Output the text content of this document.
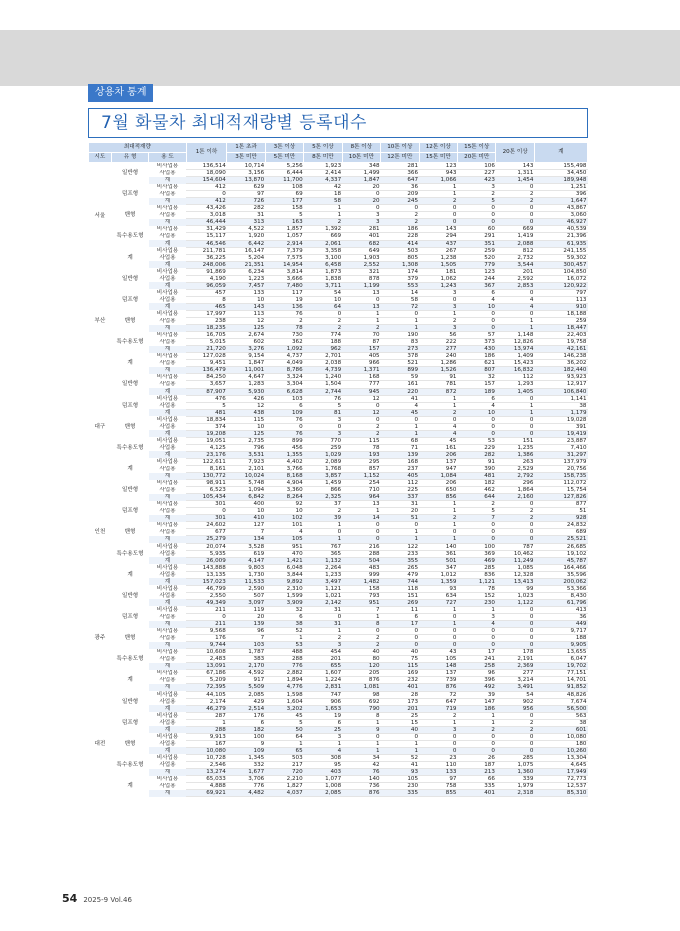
상용차 통계
7월 화물차 최대적재량별 등록대수
최대적재량			1톤 이하	1톤 초과	3톤 이상	5톤 이상	8톤 이상	10톤 이상	12톤 이상	15톤 이상	20톤 이상	계
시도	유 형	용 도		3톤 미만	5톤 미만	8톤 미만	10톤 미만	12톤 미만	15톤 미만	20톤 미만		
서울	일반형	비사업용	136,514	10,714	5,256	1,923	348	281	123	106	143	155,498
		사업용	18,090	3,156	6,444	2,414	1,499	366	943	227	1,311	34,450
		계	154,604	13,870	11,700	4,337	1,847	647	1,066	423	1,454	189,948
	덤프형	비사업용	412	629	108	42	20	36	1	3	0	1,251
		사업용	0	97	69	18	0	209	1	2	2	396
		계	412	726	177	58	20	245	2	5	2	1,647
	밴형	비사업용	43,426	282	158	1	0	0	0	0	0	43,867
		사업용	3,018	31	5	1	3	2	0	0	0	3,060
		계	46,444	313	163	2	3	2	0	0	0	46,927
	특수용도형	비사업용	31,429	4,522	1,857	1,392	281	186	143	60	669	40,539
		사업용	15,117	1,920	1,057	669	401	228	294	291	1,419	21,396
		계	46,546	6,442	2,914	2,061	682	414	437	351	2,088	61,935
	계	비사업용	211,781	16,147	7,379	3,358	649	503	267	259	812	241,155
		사업용	36,225	5,204	7,575	3,100	1,903	805	1,238	520	2,732	59,302
		계	248,006	21,351	14,954	6,458	2,552	1,308	1,505	779	3,544	300,457
부산	일반형	비사업용	91,869	6,234	3,814	1,873	321	174	181	123	201	104,850
		사업용	4,190	1,223	3,666	1,838	878	379	1,062	244	2,592	16,072
		계	96,059	7,457	7,480	3,711	1,199	553	1,243	367	2,853	120,922
	덤프형	비사업용	457	133	117	54	13	14	3	6	0	797
		사업용	8	10	19	10	0	58	0	4	4	113
		계	465	143	136	64	13	72	3	10	4	910
	밴형	비사업용	17,997	113	76	0	1	0	1	0	0	18,188
		사업용	238	12	2	2	1	1	2	0	1	259
		계	18,235	125	78	2	2	1	3	0	1	18,447
	특수용도형	비사업용	16,705	2,674	730	774	70	190	56	57	1,148	22,403
		사업용	5,015	602	362	188	87	83	222	373	12,826	19,758
		계	21,720	3,276	1,092	962	157	273	277	430	13,974	42,161
	계	비사업용	127,028	9,154	4,737	2,701	405	378	240	186	1,409	146,238
		사업용	9,451	1,847	4,049	2,038	966	521	1,286	621	15,423	36,202
		계	136,479	11,001	8,786	4,739	1,371	899	1,526	807	16,832	182,440
대구	일반형	비사업용	84,250	4,647	3,324	1,240	168	59	91	32	112	93,923
		사업용	3,657	1,283	3,304	1,504	777	161	781	157	1,293	12,917
		계	87,907	5,930	6,628	2,744	945	220	872	189	1,405	106,840
	덤프형	비사업용	476	426	103	76	12	41	1	6	0	1,141
		사업용	5	12	6	5	0	4	1	4	1	38
		계	481	438	109	81	12	45	2	10	1	1,179
	밴형	비사업용	18,834	115	76	3	0	0	0	0	0	19,028
		사업용	374	10	0	0	2	1	4	0	0	391
		계	19,208	125	76	3	2	1	4	0	0	19,419
	특수용도형	비사업용	19,051	2,735	899	770	115	68	45	53	151	23,887
		사업용	4,125	796	456	259	78	71	161	229	1,235	7,410
		계	23,176	3,531	1,355	1,029	193	139	206	282	1,386	31,297
	계	비사업용	122,611	7,923	4,402	2,089	295	168	137	91	263	137,979
		사업용	8,161	2,101	3,766	1,768	857	237	947	390	2,529	20,756
		계	130,772	10,024	8,168	3,857	1,152	405	1,084	481	2,792	158,735
인천	일반형	비사업용	98,911	5,748	4,904	1,459	254	112	206	182	296	112,072
		사업용	6,523	1,094	3,360	866	710	225	650	462	1,864	15,754
		계	105,434	6,842	8,264	2,325	964	337	856	644	2,160	127,826
	덤프형	비사업용	301	400	92	37	13	31	1	2	0	877
		사업용	0	10	10	2	1	20	1	5	2	51
		계	301	410	102	39	14	51	2	7	2	928
	밴형	비사업용	24,602	127	101	1	0	0	1	0	0	24,832
		사업용	677	7	4	0	0	1	0	0	0	689
		계	25,279	134	105	1	0	1	1	0	0	25,521
	특수용도형	비사업용	20,074	3,528	951	767	216	122	140	100	787	26,685
		사업용	5,935	619	470	365	288	233	361	369	10,462	19,102
		계	26,009	4,147	1,421	1,132	504	355	501	469	11,249	45,787
	계	비사업용	143,888	9,803	6,048	2,264	483	265	347	285	1,085	164,466
		사업용	13,135	1,730	3,844	1,233	999	479	1,012	836	12,328	35,596
		계	157,023	11,533	9,892	3,497	1,482	744	1,359	1,121	13,413	200,062
광주	일반형	비사업용	46,799	2,590	2,310	1,121	158	118	93	78	99	53,366
		사업용	2,550	507	1,599	1,021	793	151	634	152	1,023	8,430
		계	49,349	3,097	3,909	2,142	951	269	727	230	1,122	61,796
	덤프형	비사업용	211	119	32	31	7	11	1	1	0	413
		사업용	0	20	6	0	1	6	0	3	0	36
		계	211	139	38	31	8	17	1	4	0	449
	밴형	비사업용	9,568	96	52	1	0	0	0	0	0	9,717
		사업용	176	7	1	2	2	0	0	0	0	188
		계	9,744	103	53	3	2	0	0	0	0	9,905
	특수용도형	비사업용	10,608	1,787	488	454	40	40	43	17	178	13,655
		사업용	2,483	383	288	201	80	75	105	241	2,191	6,047
		계	13,091	2,170	776	655	120	115	148	258	2,369	19,702
	계	비사업용	67,186	4,592	2,882	1,607	205	169	137	96	277	77,151
		사업용	5,209	917	1,894	1,224	876	232	739	396	3,214	14,701
		계	72,395	5,509	4,776	2,831	1,081	401	876	492	3,491	91,852
대전	일반형	비사업용	44,105	2,085	1,598	747	98	28	72	39	54	48,826
		사업용	2,174	429	1,604	906	692	173	647	147	902	7,674
		계	46,279	2,514	3,202	1,653	790	201	719	186	956	56,500
	덤프형	비사업용	287	176	45	19	8	25	2	1	0	563
		사업용	1	6	5	6	1	15	1	1	2	38
		계	288	182	50	25	9	40	3	2	2	601
	밴형	비사업용	9,913	100	64	3	0	0	0	0	0	10,080
		사업용	167	9	1	1	1	1	0	0	0	180
		계	10,080	109	65	4	1	1	0	0	0	10,260
	특수용도형	비사업용	10,728	1,345	503	308	34	52	23	26	285	13,304
		사업용	2,546	332	217	95	42	41	110	187	1,075	4,645
		계	13,274	1,677	720	403	76	93	133	213	1,360	17,949
	계	비사업용	65,033	3,706	2,210	1,077	140	105	97	66	339	72,773
		사업용	4,888	776	1,827	1,008	736	230	758	335	1,979	12,537
		계	69,921	4,482	4,037	2,085	876	335	855	401	2,318	85,310
54 2025-9 Vol.46
